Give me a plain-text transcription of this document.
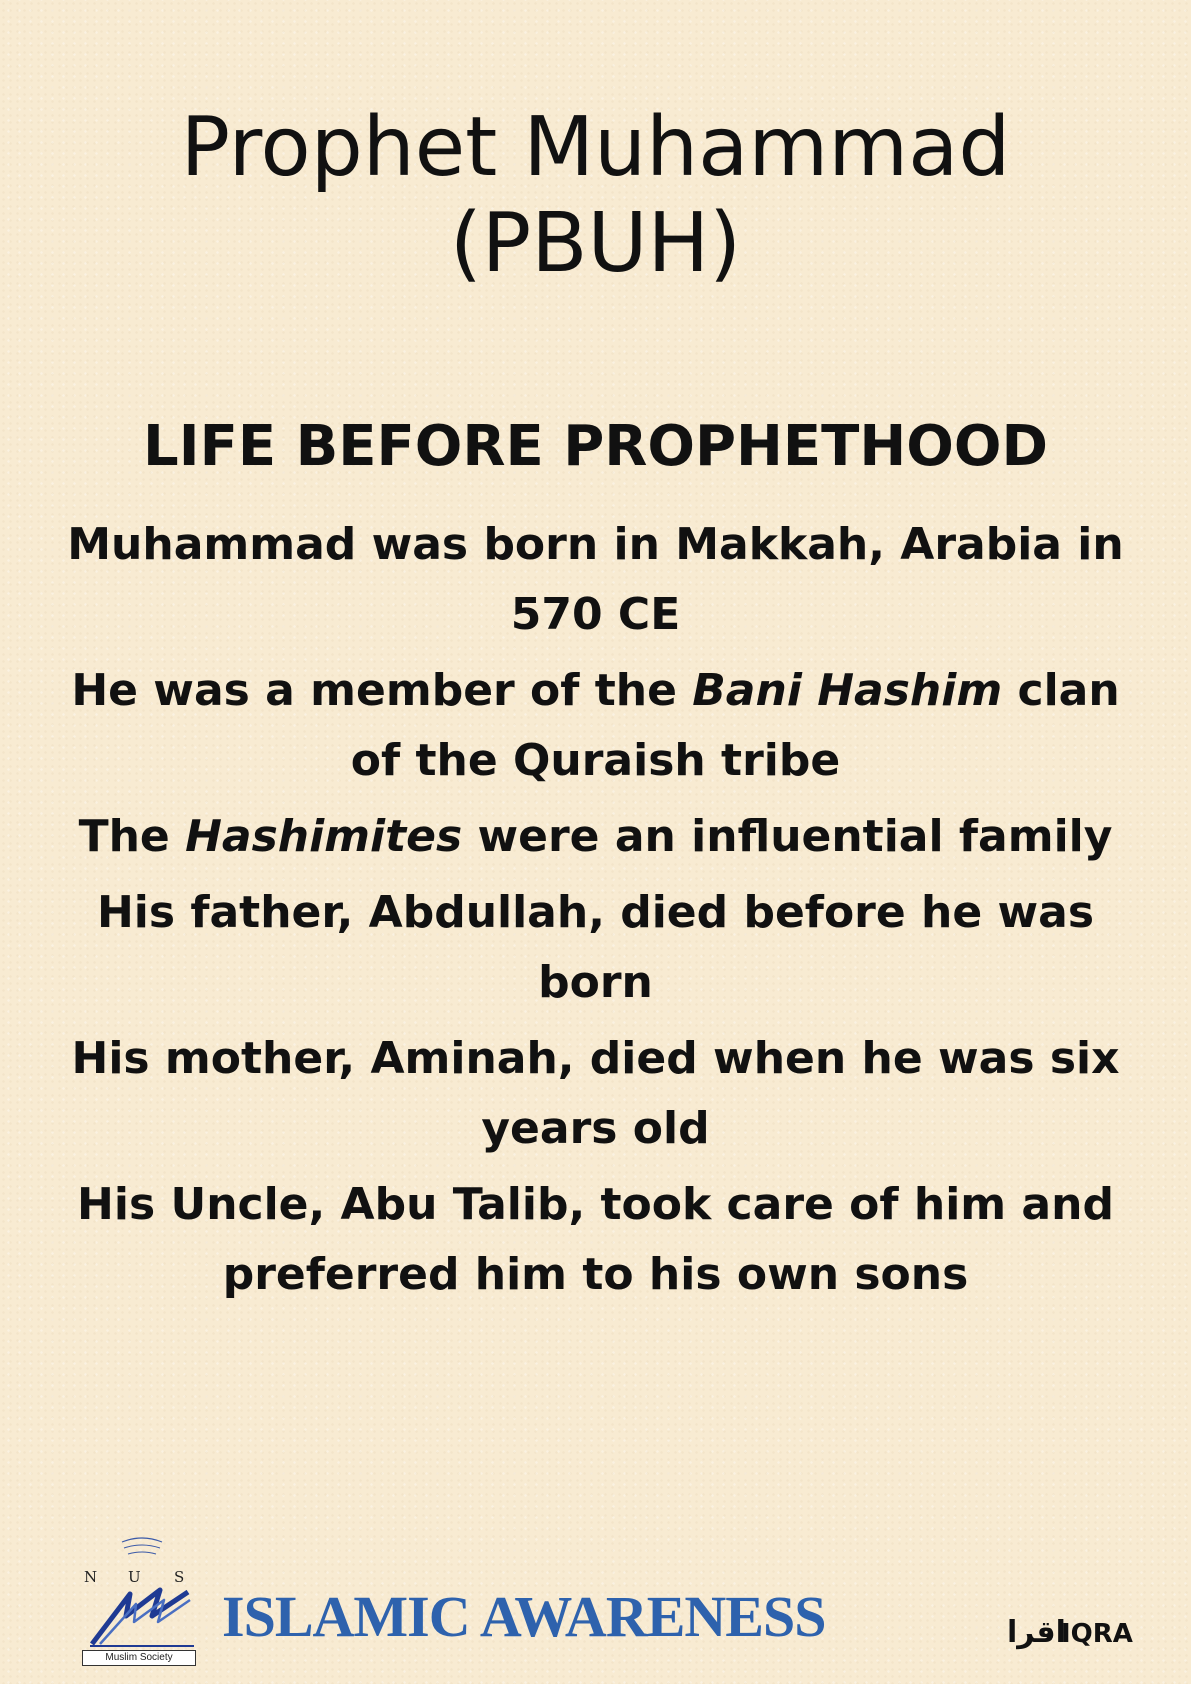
Prophet Muhammad
(PBUH)
LIFE BEFORE PROPHETHOOD
Muhammad was born in Makkah, Arabia in 570 CE
He was a member of the Bani Hashim clan of the Quraish tribe
The Hashimites were an influential family
His father, Abdullah, died before he was born
His mother, Aminah, died when he was six years old
His Uncle, Abu Talib, took care of him and preferred him to his own sons
N U S
Muslim Society
ISLAMIC AWARENESS	اقرا
IQRA
